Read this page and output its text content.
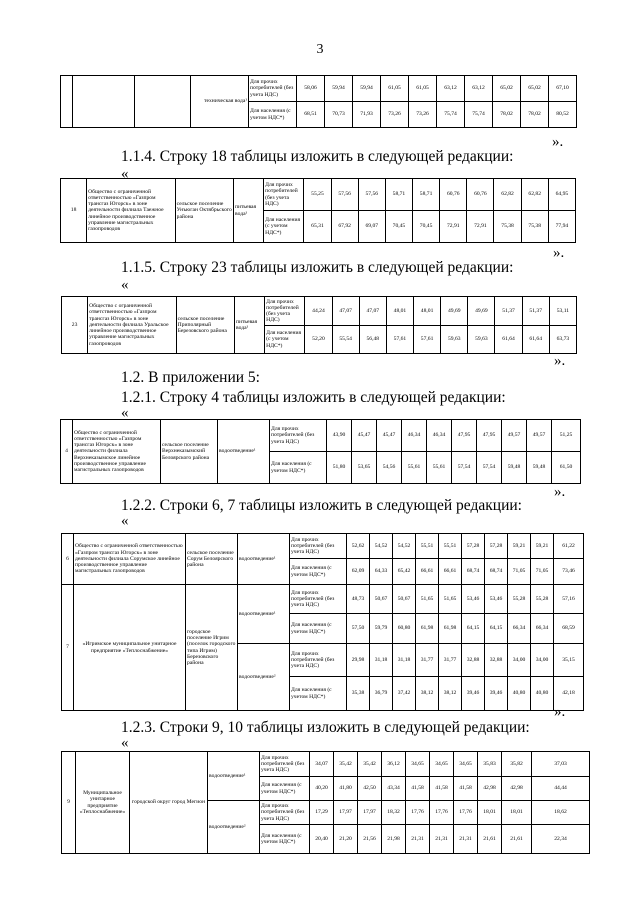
3
			техническая вода¹	Для прочих потребителей (без учета НДС)	58,06	59,94	59,94	61,05	61,05	63,12	63,12	65,02	65,02	67,10
				Для населения (с учетом НДС*)	68,51	70,73	71,93	73,26	73,26	75,74	75,74	78,02	78,02	80,52
».
1.1.4. Строку 18 таблицы изложить в следующей редакции:
«
18	Общество с ограниченной ответственностью «Газпром трансгаз Югорск» в зоне деятельности филиала Таежное линейное производственное управление магистральных газопроводов	сельское поселение Унъюган Октябрьского района	питьевая вода¹	Для прочих потребителей (без учета НДС)	55,25	57,56	57,56	58,71	58,71	60,76	60,76	62,82	62,82	64,95
				Для населения (с учетом НДС*)	65,31	67,92	69,07	70,45	70,45	72,91	72,91	75,38	75,38	77,94
».
1.1.5. Строку 23 таблицы изложить в следующей редакции:
«
23	Общество с ограниченной ответственностью «Газпром трансгаз Югорск» в зоне деятельности филиала Уральское линейное производственное управление магистральных газопроводов	сельское поселение Приполярный Березовского района	питьевая вода¹	Для прочих потребителей (без учета НДС)	44,24	47,07	47,07	48,01	48,01	49,69	49,69	51,37	51,37	53,11
				Для населения (с учетом НДС*)	52,20	55,54	56,48	57,61	57,61	59,63	59,63	61,64	61,64	63,73
».
1.2. В приложении 5:
1.2.1. Строку 4 таблицы изложить в следующей редакции:
«
4	Общество с ограниченной ответственностью «Газпром трансгаз Югорск» в зоне деятельности филиала Верхнеказымское линейное производственное управление магистральных газопроводов	сельское поселение Верхнеказымский Белоярского района	водоотведение¹	Для прочих потребителей (без учета НДС)	43,90	45,47	45,47	46,34	46,34	47,95	47,95	49,57	49,57	51,25
				Для населения (с учетом НДС*)	51,80	53,65	54,56	55,61	55,61	57,54	57,54	59,48	59,48	61,50
».
1.2.2. Строки 6, 7 таблицы изложить в следующей редакции:
«
6	Общество с ограниченной ответственностью «Газпром трансгаз Югорск» в зоне деятельности филиала Сорумское линейное производственное управление магистральных газопроводов	сельское поселение Сорум Белоярского района	водоотведение¹	Для прочих потребителей (без учета НДС)	52,62	54,52	54,52	55,51	55,51	57,28	57,28	59,21	59,21	61,22
				Для населения (с учетом НДС*)	62,09	64,33	65,42	66,61	66,61	68,74	68,74	71,05	71,05	73,46
7	«Игримское муниципальное унитарное предприятие «Теплоснабжение»	городское поселение Игрим (поселок городского типа Игрим) Березовского района	водоотведение¹	Для прочих потребителей (без учета НДС)	48,73	50,67	50,67	51,65	51,65	53,46	53,46	55,28	55,28	57,16
				Для населения (с учетом НДС*)	57,50	59,79	60,80	61,98	61,98	64,15	64,15	66,34	66,34	68,59
			водоотведение²	Для прочих потребителей (без учета НДС)	29,98	31,18	31,18	31,77	31,77	32,88	32,88	34,00	34,00	35,15
				Для населения (с учетом НДС*)	35,38	36,79	37,42	38,12	38,12	39,46	39,46	40,80	40,80	42,18
».
1.2.3. Строки 9, 10 таблицы изложить в следующей редакции:
«
9	Муниципальное унитарное предприятие «Теплоснабжение»	городской округ город Мегион	водоотведение¹	Для прочих потребителей (без учета НДС)	34,07	35,42	35,42	36,12	34,65	34,65	34,65	35,83	35,82	37,03
				Для населения (с учетом НДС*)	40,20	41,80	42,50	43,34	41,58	41,58	41,58	42,98	42,98	44,44
			водоотведение²	Для прочих потребителей (без учета НДС)	17,29	17,97	17,97	18,32	17,76	17,76	17,76	18,01	18,01	18,62
				Для населения (с учетом НДС*)	20,40	21,20	21,56	21,98	21,31	21,31	21,31	21,61	21,61	22,34
